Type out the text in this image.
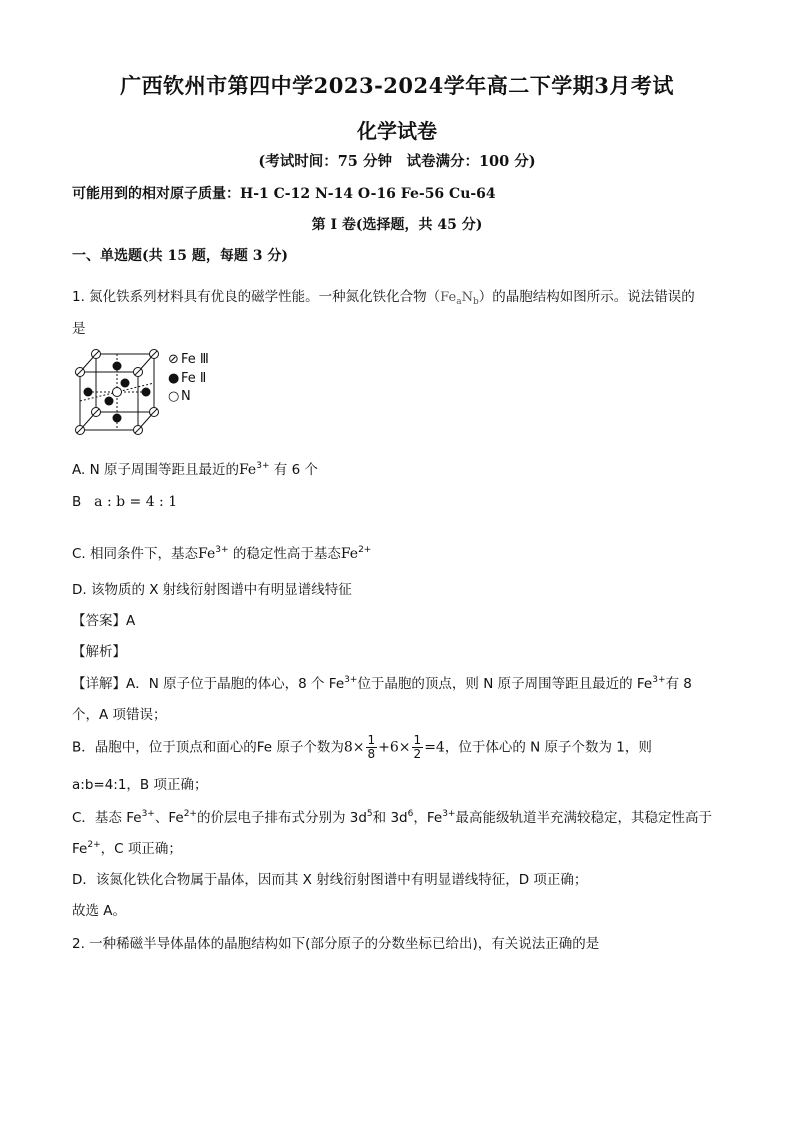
广西钦州市第四中学2023-2024学年高二下学期3月考试
化学试卷
(考试时间：75 分钟　试卷满分：100 分)
可能用到的相对原子质量：H-1 C-12 N-14 O-16 Fe-56 Cu-64
第 I 卷(选择题，共 45 分)
一、单选题(共 15 题，每题 3 分)
1. 氮化铁系列材料具有优良的磁学性能。一种氮化铁化合物$(Fe_aN_b)$的晶胞结构如图所示。说法错误的
是
⊘ Fe Ⅲ
● Fe Ⅱ
○ N
A. N 原子周围等距且最近的$Fe^{3+}$ 有 6 个
B a : b = 4 : 1
C. 相同条件下，基态$Fe^{3+}$ 的稳定性高于基态$Fe^{2+}$
D. 该物质的 X 射线衍射图谱中有明显谱线特征
【答案】A
【解析】
【详解】A．N 原子位于晶胞的体心，8 个 $Fe^{3+}$位于晶胞的顶点，则 N 原子周围等距且最近的 $Fe^{3+}$有 8
个，A 项错误；
B．晶胞中，位于顶点和面心的Fe 原子个数为$8\times \frac{1}{8} +6\times \frac{1}{2} =4$，位于体心的 N 原子个数为 1，则
a:b=4:1，B 项正确；
C．基态 $Fe^{3+}$、$Fe^{2+}$的价层电子排布式分别为 $3d^5$和 $3d^6$，$Fe^{3+}$最高能级轨道半充满较稳定，其稳定性高于
$Fe^{2+}$，C 项正确；
D．该氮化铁化合物属于晶体，因而其 X 射线衍射图谱中有明显谱线特征，D 项正确；
故选 A。
2. 一种稀磁半导体晶体的晶胞结构如下(部分原子的分数坐标已给出)，有关说法正确的是
